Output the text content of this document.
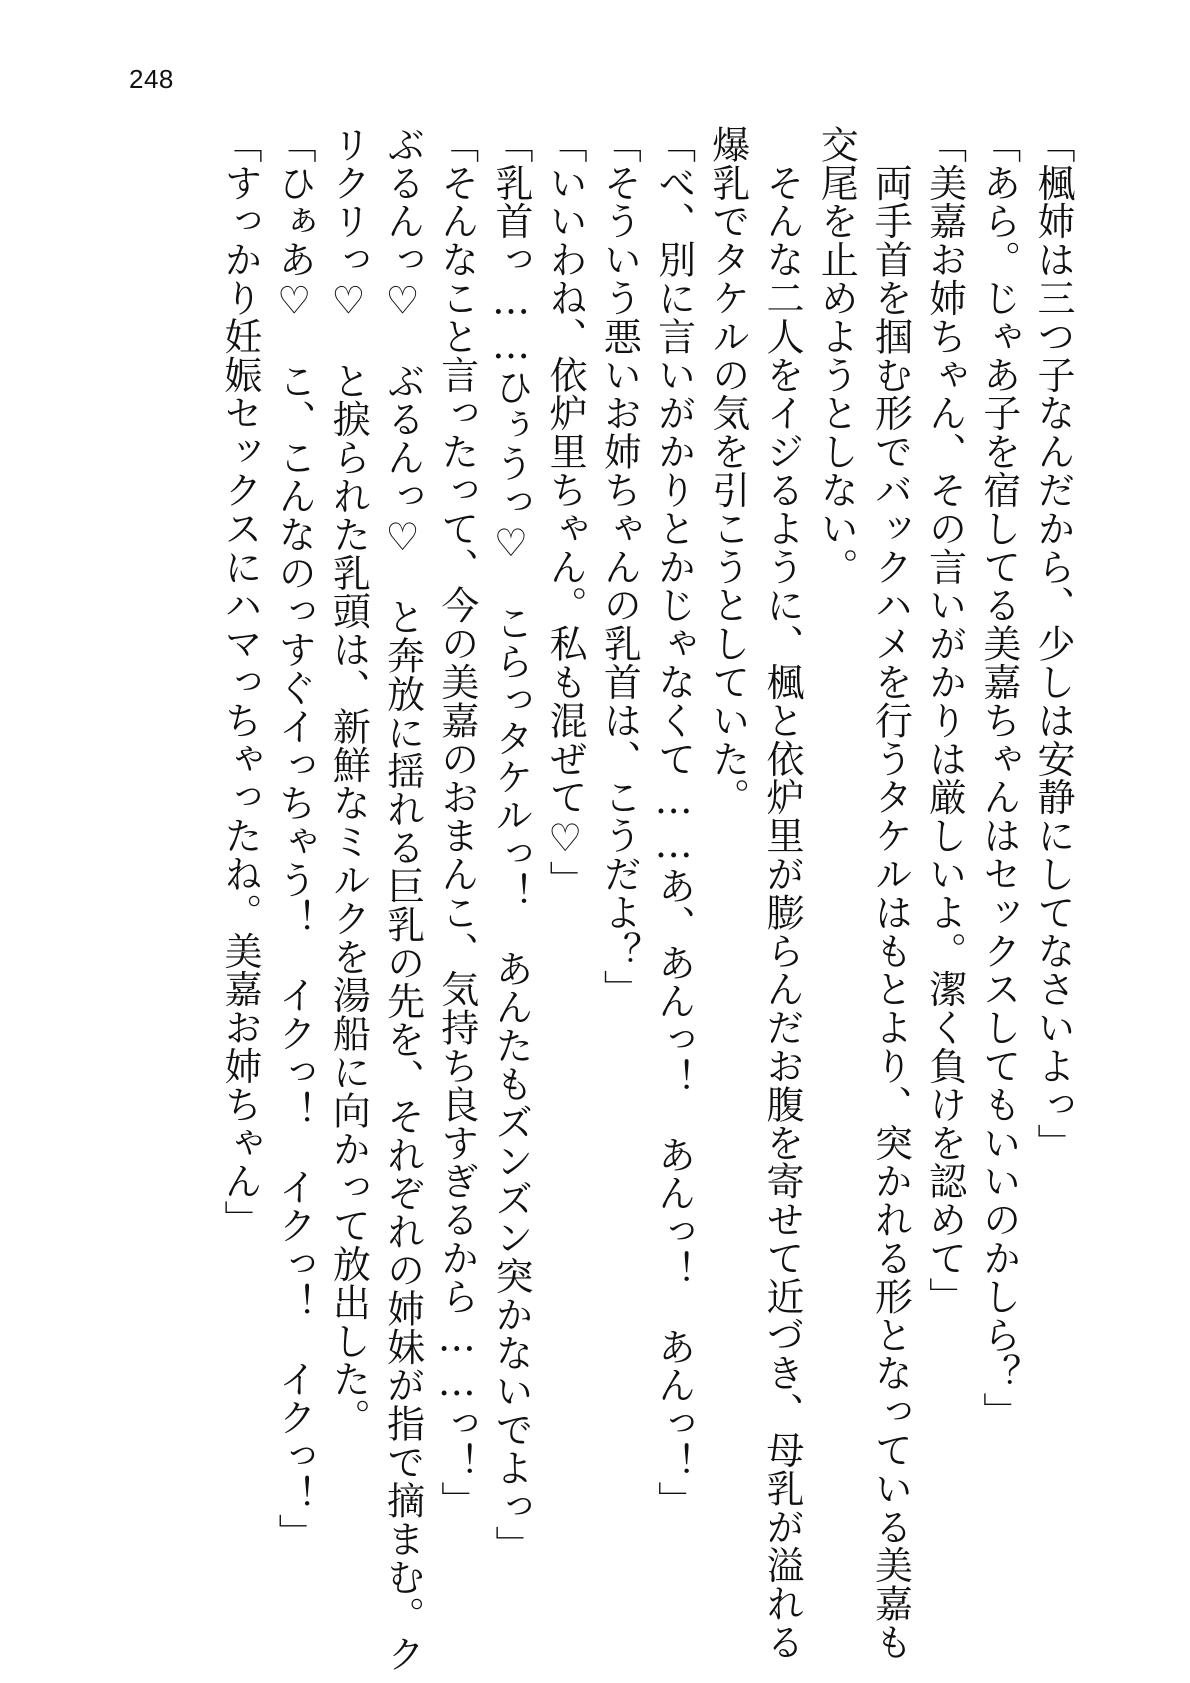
248
「楓姉は三つ子なんだから、少しは安静にしてなさいよっ」
「あら。じゃあ子を宿してる美嘉ちゃんはセックスしてもいいのかしら？」
「美嘉お姉ちゃん、その言いがかりは厳しいよ。潔く負けを認めて」
　両手首を掴む形でバックハメを行うタケルはもとより、突かれる形となっている美嘉も
交尾を止めようとしない。
　そんな二人をイジるように、楓と依炉里が膨らんだお腹を寄せて近づき、母乳が溢れる
爆乳でタケルの気を引こうとしていた。
「べ、別に言いがかりとかじゃなくて……あ、あんっ！　あんっ！　あんっ！」
「そういう悪いお姉ちゃんの乳首は、こうだよ？」
「いいわね、依炉里ちゃん。私も混ぜて♡」
「乳首っ……ひぅうっ♡　こらっタケルっ！　あんたもズンズン突かないでよっ」
「そんなこと言ったって、今の美嘉のおまんこ、気持ち良すぎるから……っ！」
ぶるんっ♡　ぶるんっ♡　と奔放に揺れる巨乳の先を、それぞれの姉妹が指で摘まむ。ク
リクリっ♡　と捩られた乳頭は、新鮮なミルクを湯船に向かって放出した。
「ひぁあ♡　こ、こんなのっすぐイっちゃう！　イクっ！　イクっ！　イクっ！」
「すっかり妊娠セックスにハマっちゃったね。美嘉お姉ちゃん」
